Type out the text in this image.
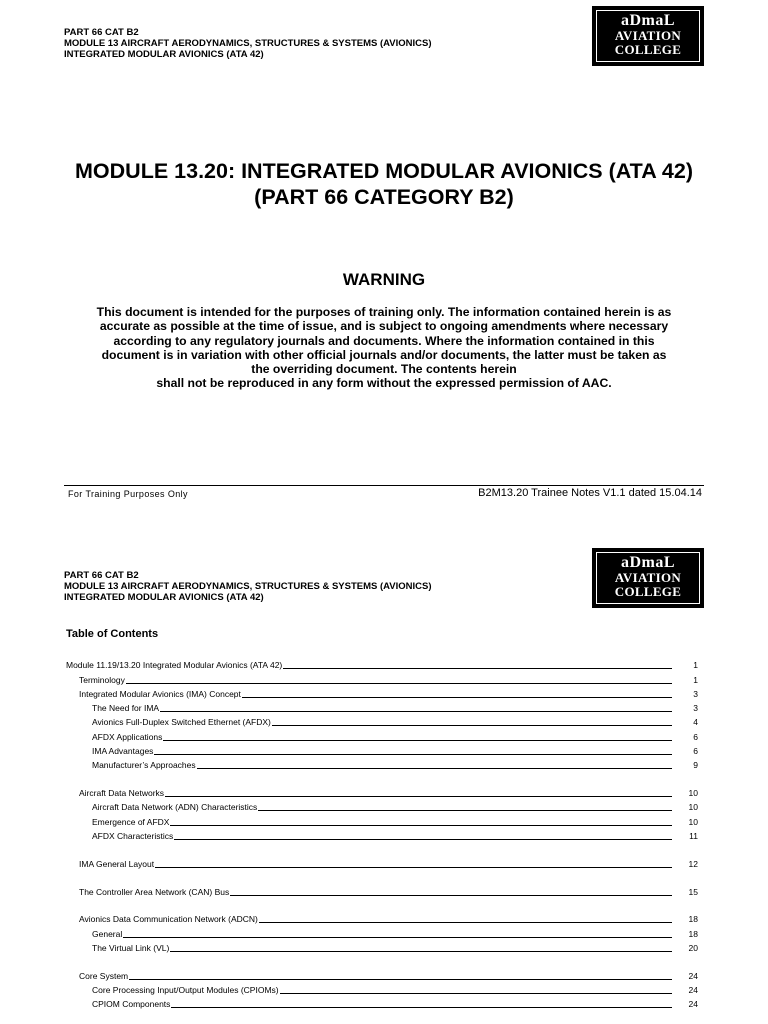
PART 66 CAT B2
MODULE 13 AIRCRAFT AERODYNAMICS, STRUCTURES & SYSTEMS (AVIONICS)
INTEGRATED MODULAR AVIONICS (ATA 42)
aDmaL
AVIATION
COLLEGE
MODULE 13.20: INTEGRATED MODULAR AVIONICS (ATA 42) (PART 66 CATEGORY B2)
WARNING
This document is intended for the purposes of training only. The information contained herein is as
accurate as possible at the time of issue, and is subject to ongoing amendments where necessary
according to any regulatory journals and documents. Where the information contained in this
document is in variation with other official journals and/or documents, the latter must be taken as
the overriding document. The contents herein
shall not be reproduced in any form without the expressed permission of AAC.
For Training Purposes Only	B2M13.20 Trainee Notes V1.1 dated 15.04.14
PART 66 CAT B2
MODULE 13 AIRCRAFT AERODYNAMICS, STRUCTURES & SYSTEMS (AVIONICS)
INTEGRATED MODULAR AVIONICS (ATA 42)
aDmaL
AVIATION
COLLEGE
Table of Contents
Module 11.19/13.20 Integrated Modular Avionics (ATA 42)	1
Terminology	1
Integrated Modular Avionics (IMA) Concept	3
The Need for IMA	3
Avionics Full-Duplex Switched Ethernet (AFDX)	4
AFDX Applications	6
IMA Advantages	6
Manufacturer’s Approaches	9
Aircraft Data Networks	10
Aircraft Data Network (ADN) Characteristics	10
Emergence of AFDX	10
AFDX Characteristics	11
IMA General Layout	12
The Controller Area Network (CAN) Bus	15
Avionics Data Communication Network (ADCN)	18
General	18
The Virtual Link (VL)	20
Core System	24
Core Processing Input/Output Modules (CPIOMs)	24
CPIOM Components	24
